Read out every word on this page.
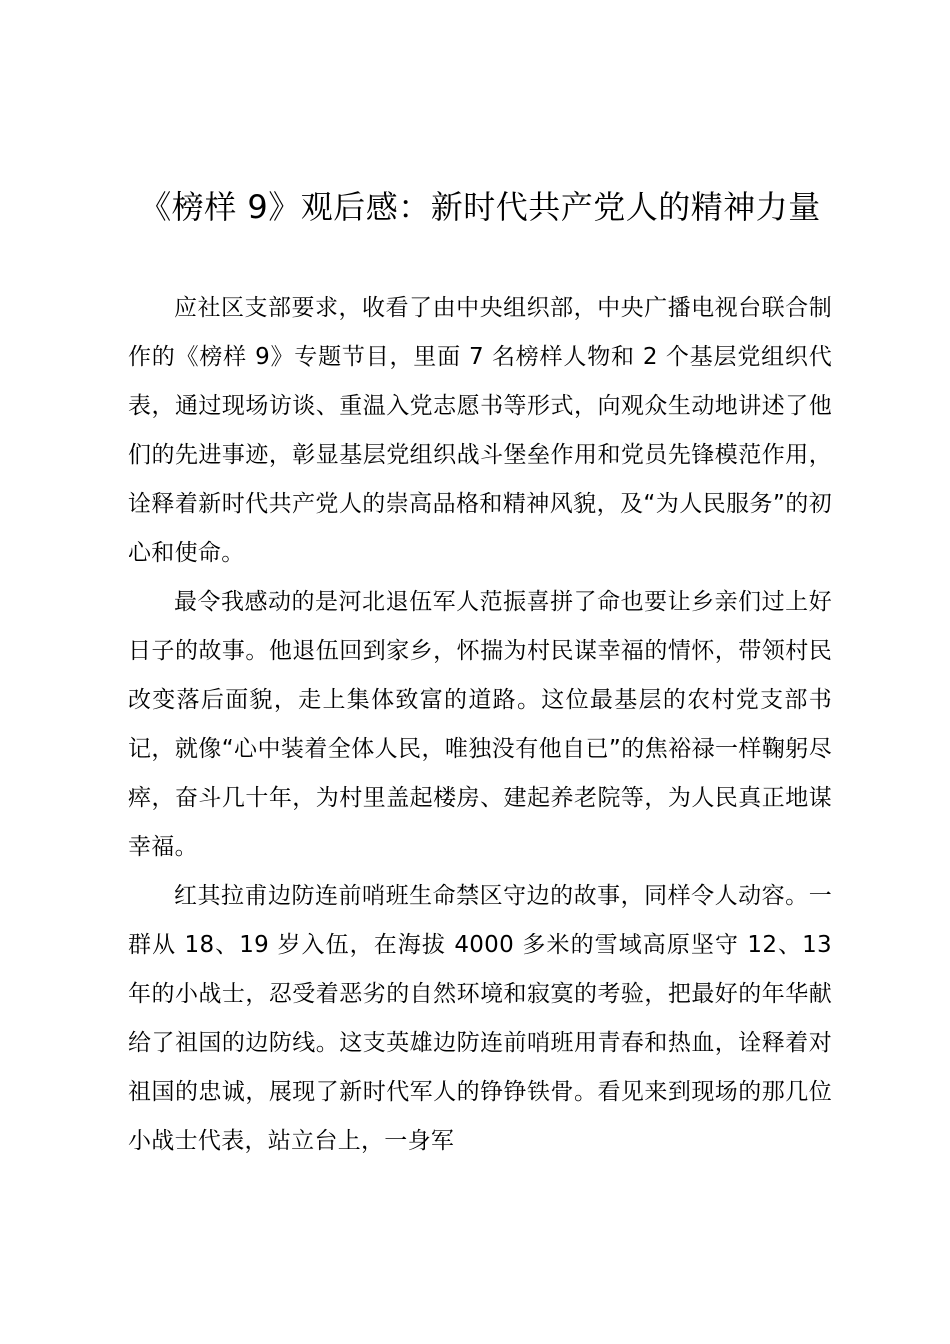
《榜样 9》观后感：新时代共产党人的精神力量

应社区支部要求，收看了由中央组织部，中央广播电视台联合制作的《榜样 9》专题节目，里面 7 名榜样人物和 2 个基层党组织代表，通过现场访谈、重温入党志愿书等形式，向观众生动地讲述了他们的先进事迹，彰显基层党组织战斗堡垒作用和党员先锋模范作用，诠释着新时代共产党人的崇高品格和精神风貌，及“为人民服务”的初心和使命。

最令我感动的是河北退伍军人范振喜拼了命也要让乡亲们过上好日子的故事。他退伍回到家乡，怀揣为村民谋幸福的情怀，带领村民改变落后面貌，走上集体致富的道路。这位最基层的农村党支部书记，就像“心中装着全体人民，唯独没有他自已”的焦裕禄一样鞠躬尽瘁，奋斗几十年，为村里盖起楼房、建起养老院等，为人民真正地谋幸福。

红其拉甫边防连前哨班生命禁区守边的故事，同样令人动容。一群从 18、19 岁入伍，在海拔 4000 多米的雪域高原坚守 12、13 年的小战士，忍受着恶劣的自然环境和寂寞的考验，把最好的年华献给了祖国的边防线。这支英雄边防连前哨班用青春和热血，诠释着对祖国的忠诚，展现了新时代军人的铮铮铁骨。看见来到现场的那几位小战士代表，站立台上，一身军
